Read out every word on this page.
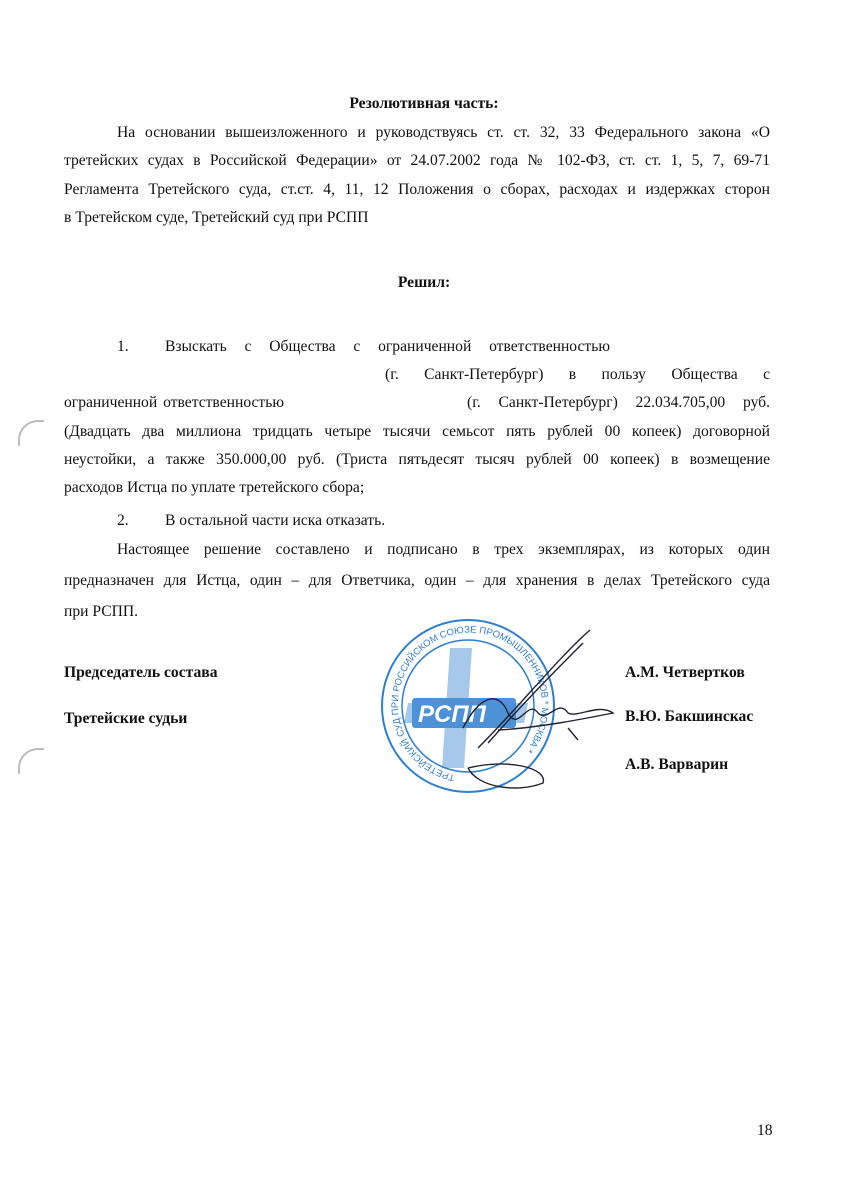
Резолютивная часть:
На основании вышеизложенного и руководствуясь ст. ст. 32, 33 Федерального закона «О
третейских судах в Российской Федерации» от 24.07.2002 года № 102-ФЗ, ст. ст. 1, 5, 7, 69-71
Регламента Третейского суда, ст.ст. 4, 11, 12 Положения о сборах, расходах и издержках сторон
в Третейском суде, Третейский суд при РСПП
Решил:
1. Взыскать с Общества с ограниченной ответственностью
(г. Санкт-Петербург) в пользу Общества с
ограниченной ответственностью	(г. Санкт-Петербург) 22.034.705,00 руб.
(Двадцать два миллиона тридцать четыре тысячи семьсот пять рублей 00 копеек) договорной
неустойки, а также 350.000,00 руб. (Триста пятьдесят тысяч рублей 00 копеек) в возмещение
расходов Истца по уплате третейского сбора;
2. В остальной части иска отказать.
Настоящее решение составлено и подписано в трех экземплярах, из которых один
предназначен для Истца, один – для Ответчика, один – для хранения в делах Третейского суда
при РСПП.
Председатель состава
Третейские судьи
ТРЕТЕЙСКИЙ СУД ПРИ РОССИЙСКОМ СОЮЗЕ ПРОМЫШЛЕННИКОВ * МОСКВА *
РСПП
А.М. Четвертков
В.Ю. Бакшинскас
А.В. Варварин
18
